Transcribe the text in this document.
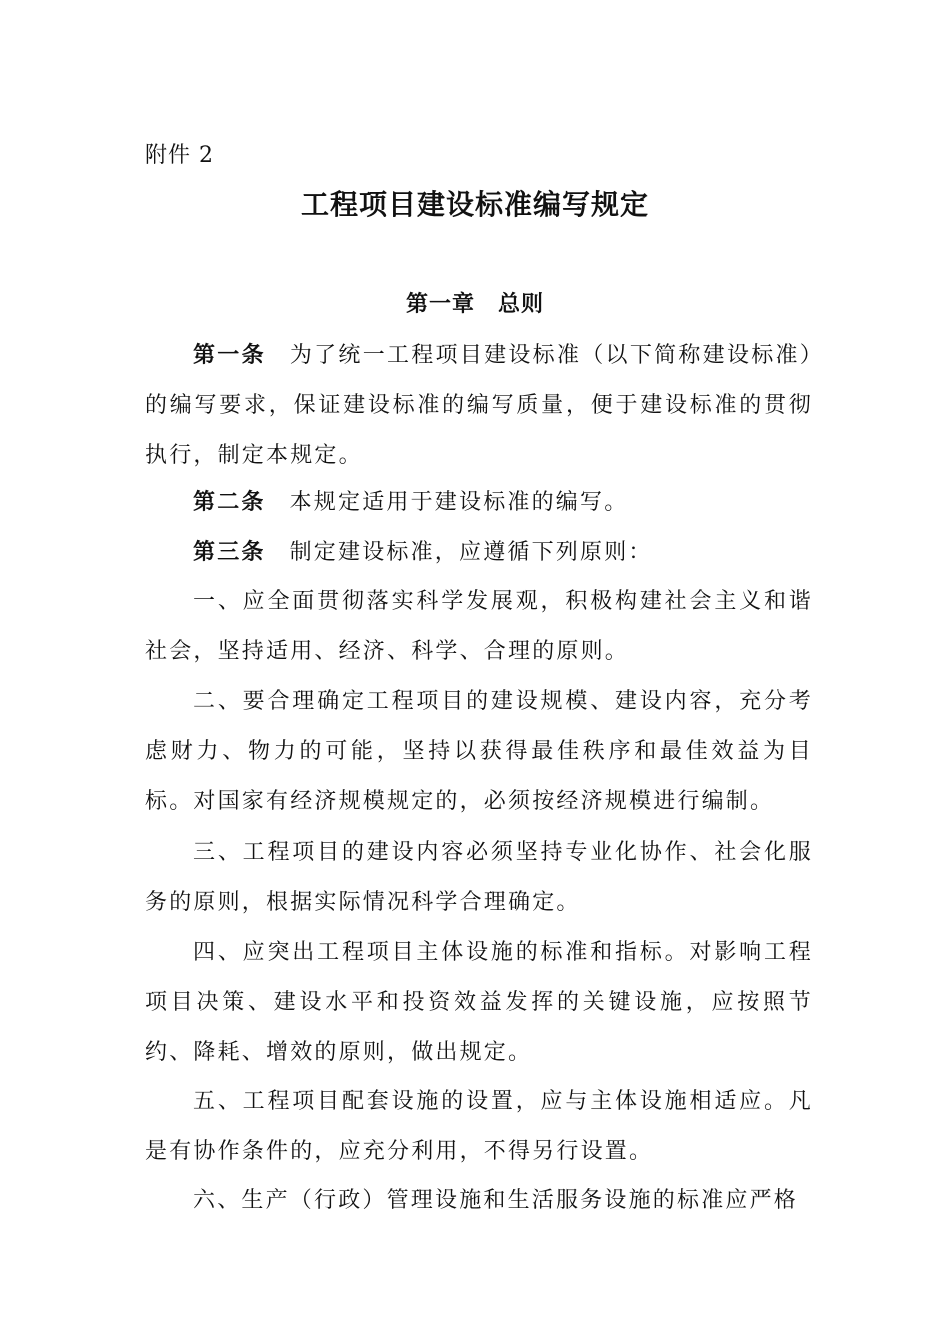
附件 2
工程项目建设标准编写规定
第一章　总则

第一条 为了统一工程项目建设标准（以下简称建设标准）的编写要求，保证建设标准的编写质量，便于建设标准的贯彻执行，制定本规定。

第二条 本规定适用于建设标准的编写。

第三条 制定建设标准，应遵循下列原则：

一、应全面贯彻落实科学发展观，积极构建社会主义和谐社会，坚持适用、经济、科学、合理的原则。

二、要合理确定工程项目的建设规模、建设内容，充分考虑财力、物力的可能，坚持以获得最佳秩序和最佳效益为目标。对国家有经济规模规定的，必须按经济规模进行编制。

三、工程项目的建设内容必须坚持专业化协作、社会化服务的原则，根据实际情况科学合理确定。

四、应突出工程项目主体设施的标准和指标。对影响工程项目决策、建设水平和投资效益发挥的关键设施，应按照节约、降耗、增效的原则，做出规定。

五、工程项目配套设施的设置，应与主体设施相适应。凡是有协作条件的，应充分利用，不得另行设置。

六、生产（行政）管理设施和生活服务设施的标准应严格
